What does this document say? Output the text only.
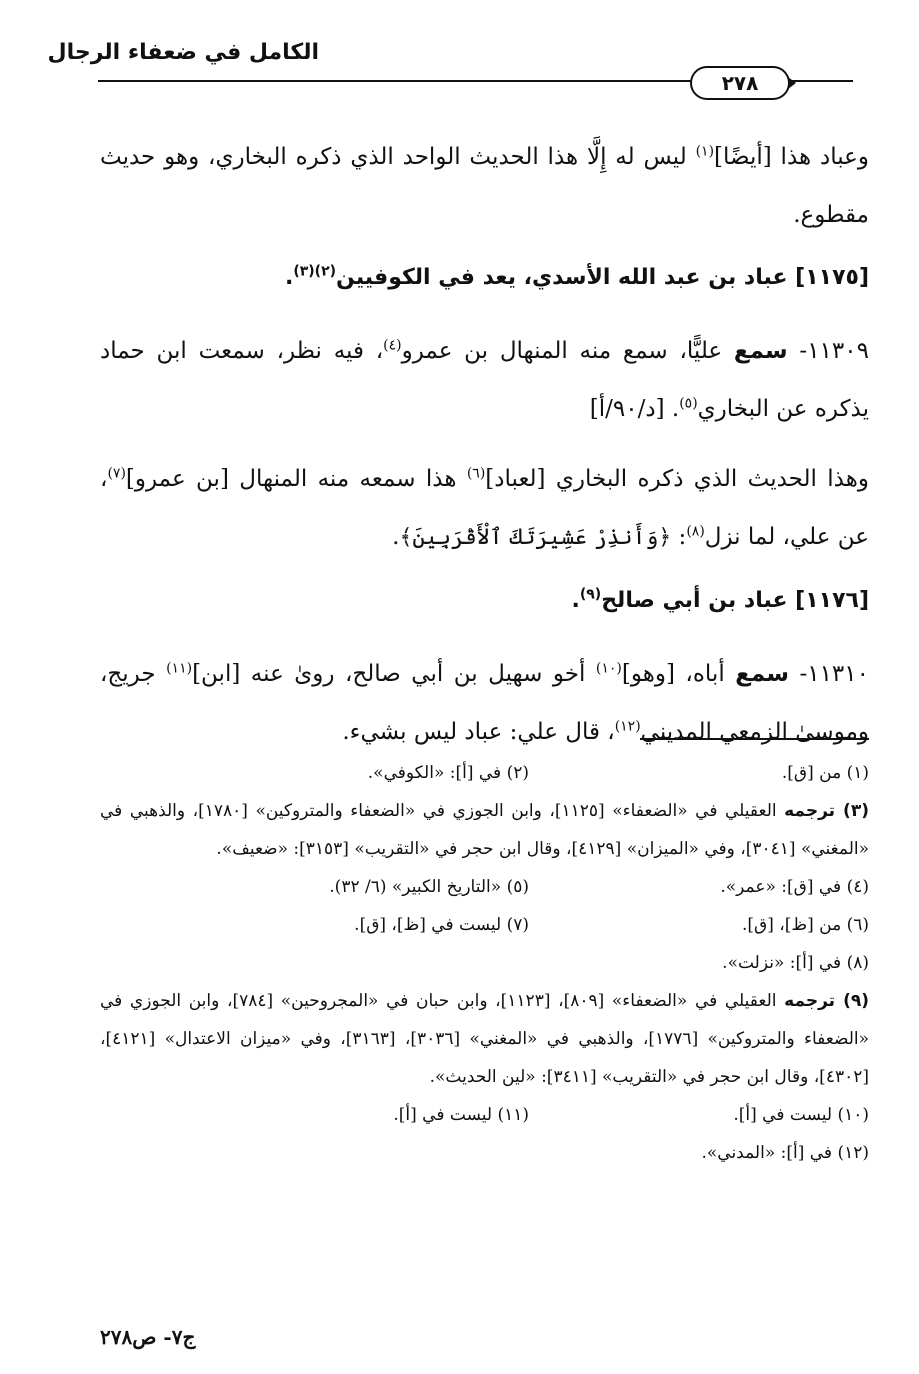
الكامل في ضعفاء الرجال
٢٧٨

وعباد هذا [أيضًا]$^{(١)}$ ليس له إِلَّا هذا الحديث الواحد الذي ذكره البخاري، وهو حديث مقطوع.

[١١٧٥] عباد بن عبد الله الأسدي، يعد في الكوفيين$^{(٢)(٣)}$.

١١٣٠٩- سمع عليًّا، سمع منه المنهال بن عمرو$^{(٤)}$، فيه نظر، سمعت ابن حماد يذكره عن البخاري$^{(٥)}$. [د/٩٠/أ]

وهذا الحديث الذي ذكره البخاري [لعباد]$^{(٦)}$ هذا سمعه منه المنهال [بن عمرو]$^{(٧)}$، عن علي، لما نزل$^{(٨)}$: ﴿وَأَنذِرْ عَشِيرَتَكَ ٱلْأَقْرَبِينَ﴾.

[١١٧٦] عباد بن أبي صالح$^{(٩)}$.

١١٣١٠- سمع أباه، [وهو]$^{(١٠)}$ أخو سهيل بن أبي صالح، روىٰ عنه [ابن]$^{(١١)}$ جريج، وموسىٰ الزمعي المديني$^{(١٢)}$، قال علي: عباد ليس بشيء.

(١) من [ق].
(٢) في [أ]: «الكوفي».
(٣)ترجمه العقيلي في «الضعفاء» [١١٢٥]، وابن الجوزي في «الضعفاء والمتروكين» [١٧٨٠]، والذهبي في «المغني» [٣٠٤١]، وفي «الميزان» [٤١٢٩]، وقال ابن حجر في «التقريب» [٣١٥٣]: «ضعيف».
(٤) في [ق]: «عمر».
(٥) «التاريخ الكبير» (٦/ ٣٢).
(٦) من [ظ]، [ق].
(٧) ليست في [ظ]، [ق].
(٨) في [أ]: «نزلت».
(٩)ترجمه العقيلي في «الضعفاء» [٨٠٩]، [١١٢٣]، وابن حبان في «المجروحين» [٧٨٤]، وابن الجوزي في «الضعفاء والمتروكين» [١٧٧٦]، والذهبي في «المغني» [٣٠٣٦]، [٣١٦٣]، وفي «ميزان الاعتدال» [٤١٢١]، [٤٣٠٢]، وقال ابن حجر في «التقريب» [٣٤١١]: «لين الحديث».
(١٠) ليست في [أ].
(١١) ليست في [أ].
(١٢) في [أ]: «المدني».
ج٧- ص٢٧٨
